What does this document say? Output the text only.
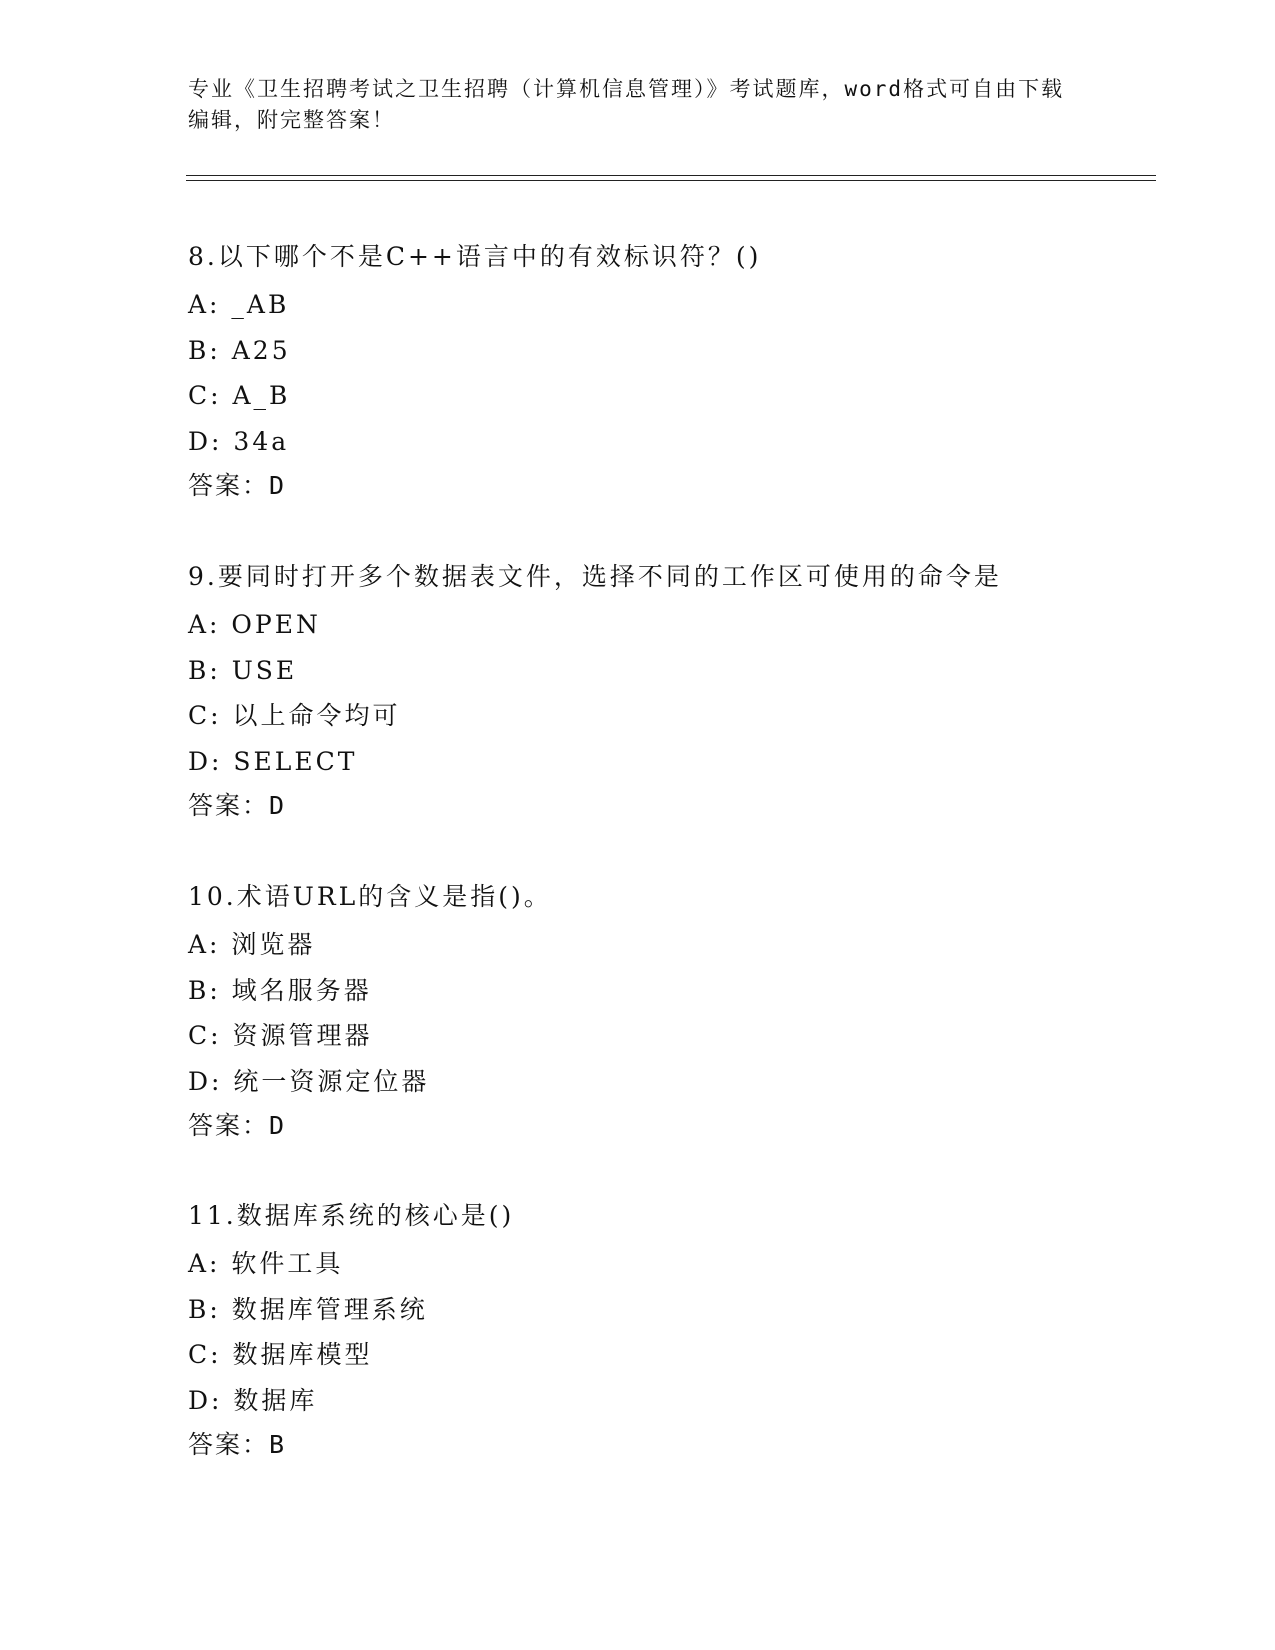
专业《卫生招聘考试之卫生招聘（计算机信息管理）》考试题库，word格式可自由下载编辑，附完整答案！
8.以下哪个不是C++语言中的有效标识符？()
A: _AB
B: A25
C: A_B
D: 34a
答案：D
9.要同时打开多个数据表文件，选择不同的工作区可使用的命令是
A: OPEN
B: USE
C: 以上命令均可
D: SELECT
答案：D
10.术语URL的含义是指()。
A: 浏览器
B: 域名服务器
C: 资源管理器
D: 统一资源定位器
答案：D
11.数据库系统的核心是()
A: 软件工具
B: 数据库管理系统
C: 数据库模型
D: 数据库
答案：B
